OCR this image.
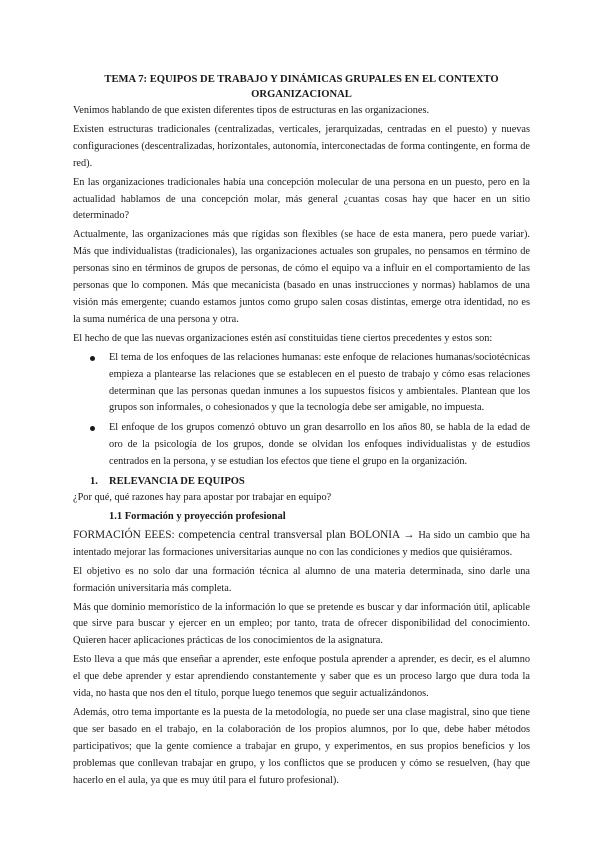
TEMA 7: EQUIPOS DE TRABAJO Y DINÁMICAS GRUPALES EN EL CONTEXTO ORGANIZACIONAL

Venimos hablando de que existen diferentes tipos de estructuras en las organizaciones.

Existen estructuras tradicionales (centralizadas, verticales, jerarquizadas, centradas en el puesto) y nuevas configuraciones (descentralizadas, horizontales, autonomía, interconectadas de forma contingente, en forma de red).

En las organizaciones tradicionales había una concepción molecular de una persona en un puesto, pero en la actualidad hablamos de una concepción molar, más general ¿cuantas cosas hay que hacer en un sitio determinado?

Actualmente, las organizaciones más que rígidas son flexibles (se hace de esta manera, pero puede variar). Más que individualistas (tradicionales), las organizaciones actuales son grupales, no pensamos en término de personas sino en términos de grupos de personas, de cómo el equipo va a influir en el comportamiento de las personas que lo componen. Más que mecanicista (basado en unas instrucciones y normas) hablamos de una visión más emergente; cuando estamos juntos como grupo salen cosas distintas, emerge otra identidad, no es la suma numérica de una persona y otra.

El hecho de que las nuevas organizaciones estén así constituidas tiene ciertos precedentes y estos son:

El tema de los enfoques de las relaciones humanas: este enfoque de relaciones humanas/sociotécnicas empieza a plantearse las relaciones que se establecen en el puesto de trabajo y cómo esas relaciones determinan que las personas quedan inmunes a los supuestos físicos y ambientales. Plantean que los grupos son informales, o cohesionados y que la tecnología debe ser amigable, no impuesta.
El enfoque de los grupos comenzó obtuvo un gran desarrollo en los años 80, se habla de la edad de oro de la psicología de los grupos, donde se olvidan los enfoques individualistas y de estudios centrados en la persona, y se estudian los efectos que tiene el grupo en la organización.
1. RELEVANCIA DE EQUIPOS

¿Por qué, qué razones hay para apostar por trabajar en equipo?

1.1 Formación y proyección profesional

FORMACIÓN EEES: competencia central transversal plan BOLONIA → Ha sido un cambio que ha intentado mejorar las formaciones universitarias aunque no con las condiciones y medios que quisiéramos.

El objetivo es no solo dar una formación técnica al alumno de una materia determinada, sino darle una formación universitaria más completa.

Más que dominio memorístico de la información lo que se pretende es buscar y dar información útil, aplicable que sirve para buscar y ejercer en un empleo; por tanto, trata de ofrecer disponibilidad del conocimiento. Quieren hacer aplicaciones prácticas de los conocimientos de la asignatura.

Esto lleva a que más que enseñar a aprender, este enfoque postula aprender a aprender, es decir, es el alumno el que debe aprender y estar aprendiendo constantemente y saber que es un proceso largo que dura toda la vida, no hasta que nos den el título, porque luego tenemos que seguir actualizándonos.

Además, otro tema importante es la puesta de la metodología, no puede ser una clase magistral, sino que tiene que ser basado en el trabajo, en la colaboración de los propios alumnos, por lo que, debe haber métodos participativos; que la gente comience a trabajar en grupo, y experimentos, en sus propios beneficios y los problemas que conllevan trabajar en grupo, y los conflictos que se producen y cómo se resuelven, (hay que hacerlo en el aula, ya que es muy útil para el futuro profesional).
